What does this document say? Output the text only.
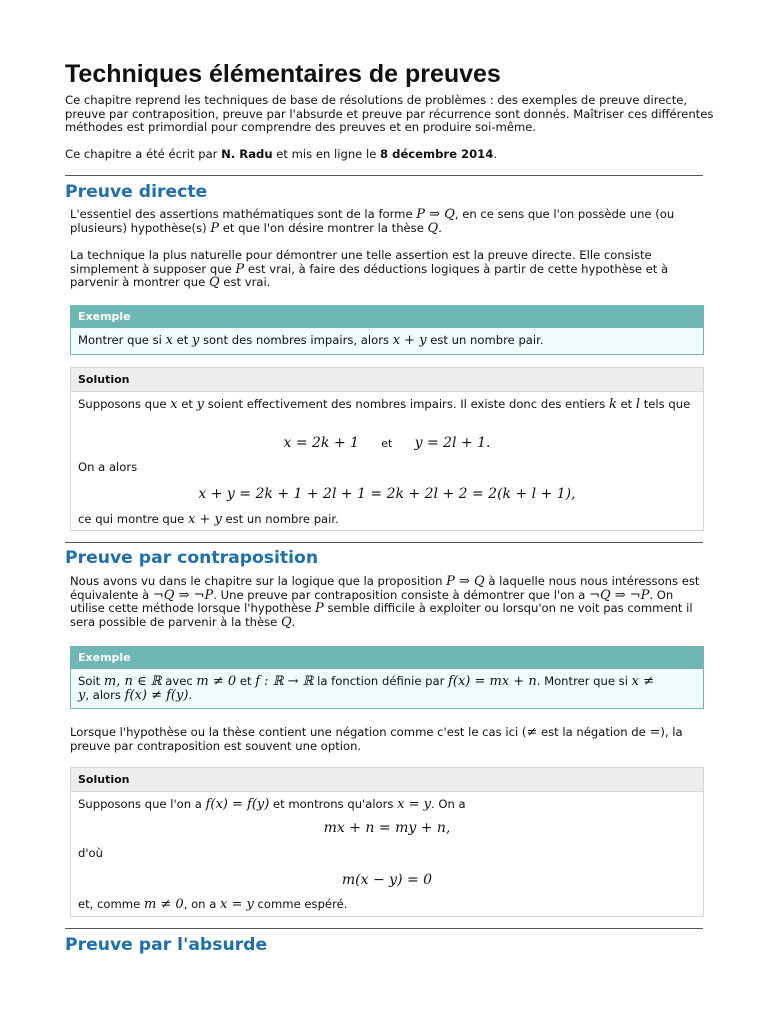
Techniques élémentaires de preuves

Ce chapitre reprend les techniques de base de résolutions de problèmes : des exemples de preuve directe, preuve par contraposition, preuve par l'absurde et preuve par récurrence sont donnés. Maîtriser ces différentes méthodes est primordial pour comprendre des preuves et en produire soi-même.

Ce chapitre a été écrit par N. Radu et mis en ligne le 8 décembre 2014.

Preuve directe

L'essentiel des assertions mathématiques sont de la forme P ⇒ Q, en ce sens que l'on possède une (ou plusieurs) hypothèse(s) P et que l'on désire montrer la thèse Q.

La technique la plus naturelle pour démontrer une telle assertion est la preuve directe. Elle consiste simplement à supposer que P est vrai, à faire des déductions logiques à partir de cette hypothèse et à parvenir à montrer que Q est vrai.

Exemple
Montrer que si x et y sont des nombres impairs, alors x + y est un nombre pair.
Solution

Supposons que x et y soient effectivement des nombres impairs. Il existe donc des entiers k et l tels que

x = 2k + 1 et y = 2l + 1.

On a alors

x + y = 2k + 1 + 2l + 1 = 2k + 2l + 2 = 2(k + l + 1),

ce qui montre que x + y est un nombre pair.

Preuve par contraposition

Nous avons vu dans le chapitre sur la logique que la proposition P ⇒ Q à laquelle nous nous intéressons est équivalente à ¬Q ⇒ ¬P. Une preuve par contraposition consiste à démontrer que l'on a ¬Q ⇒ ¬P. On utilise cette méthode lorsque l'hypothèse P semble difficile à exploiter ou lorsqu'on ne voit pas comment il sera possible de parvenir à la thèse Q.

Exemple
Soit m, n ∈ ℝ avec m ≠ 0 et f : ℝ → ℝ la fonction définie par f(x) = mx + n. Montrer que si x ≠ y, alors f(x) ≠ f(y).

Lorsque l'hypothèse ou la thèse contient une négation comme c'est le cas ici (≠ est la négation de =), la preuve par contraposition est souvent une option.

Solution

Supposons que l'on a f(x) = f(y) et montrons qu'alors x = y. On a

mx + n = my + n,

d'où

m(x − y) = 0

et, comme m ≠ 0, on a x = y comme espéré.

Preuve par l'absurde
